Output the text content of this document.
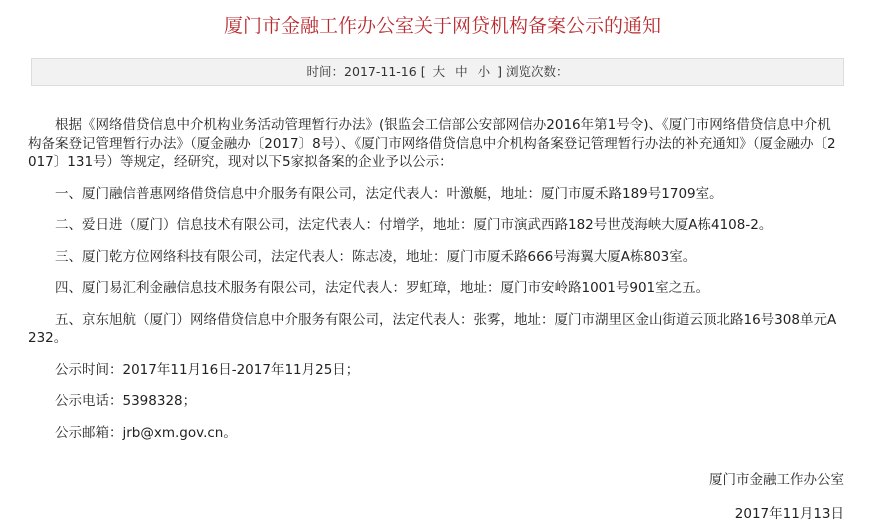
厦门市金融工作办公室关于网贷机构备案公示的通知
时间：2017-11-16 [ 大 中 小 ] 浏览次数：

根据《网络借贷信息中介机构业务活动管理暂行办法》(银监会工信部公安部网信办2016年第1号令)、《厦门市网络借贷信息中介机构备案登记管理暂行办法》（厦金融办〔2017〕8号）、《厦门市网络借贷信息中介机构备案登记管理暂行办法的补充通知》（厦金融办〔2017〕131号）等规定，经研究，现对以下5家拟备案的企业予以公示：

一、厦门融信普惠网络借贷信息中介服务有限公司，法定代表人：叶激艇，地址：厦门市厦禾路189号1709室。

二、爱日进（厦门）信息技术有限公司，法定代表人：付增学，地址：厦门市演武西路182号世茂海峡大厦A栋4108-2。

三、厦门乾方位网络科技有限公司，法定代表人：陈志凌，地址：厦门市厦禾路666号海翼大厦A栋803室。

四、厦门易汇利金融信息技术服务有限公司，法定代表人：罗虹璋，地址：厦门市安岭路1001号901室之五。

五、京东旭航（厦门）网络借贷信息中介服务有限公司，法定代表人：张雾，地址：厦门市湖里区金山街道云顶北路16号308单元A232。

公示时间：2017年11月16日-2017年11月25日；

公示电话：5398328；

公示邮箱：jrb@xm.gov.cn。

厦门市金融工作办公室
2017年11月13日
